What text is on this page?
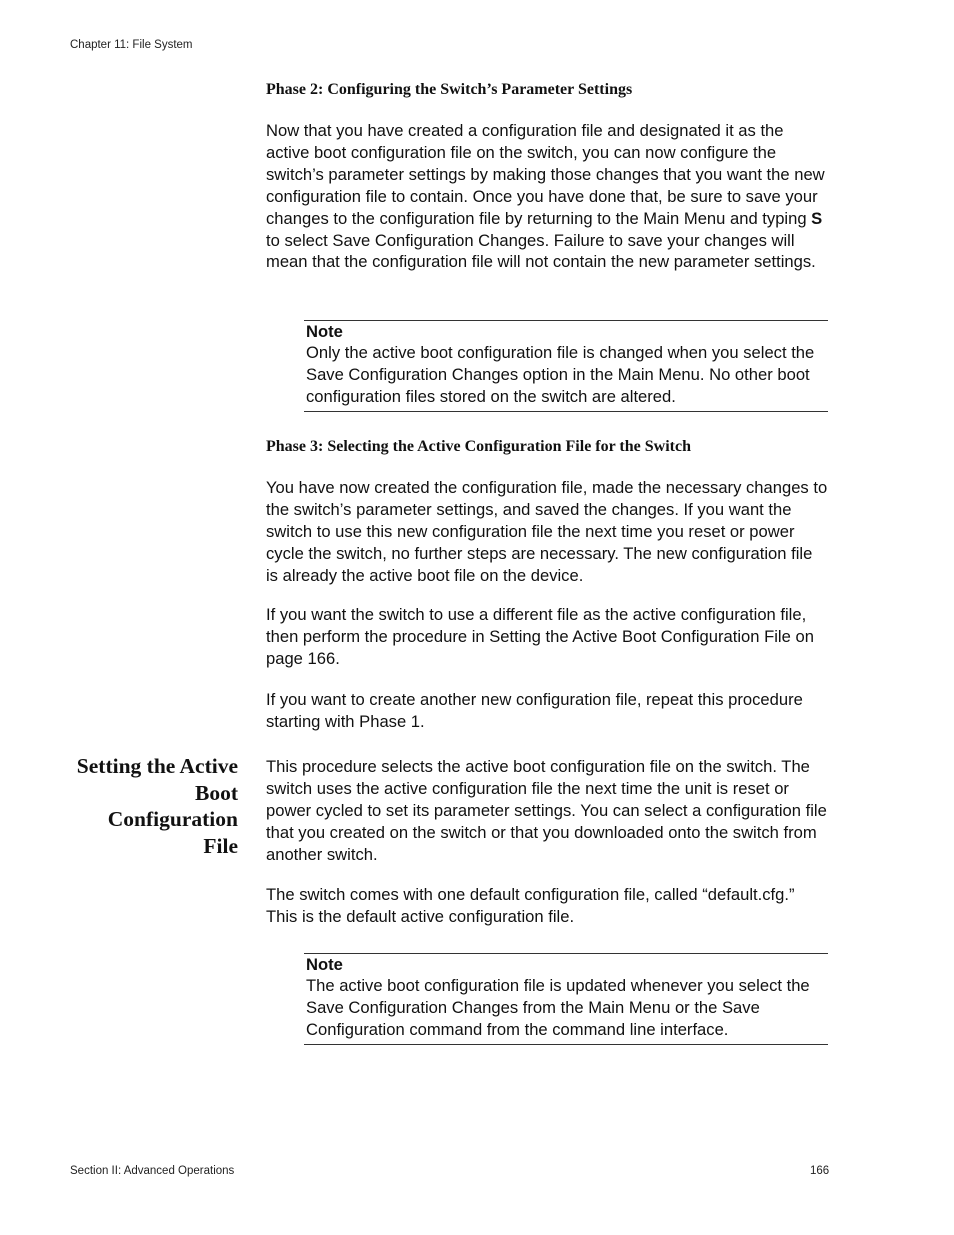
Chapter 11: File System
Phase 2: Configuring the Switch’s Parameter Settings

Now that you have created a configuration file and designated it as the active boot configuration file on the switch, you can now configure the switch’s parameter settings by making those changes that you want the new configuration file to contain. Once you have done that, be sure to save your changes to the configuration file by returning to the Main Menu and typing S to select Save Configuration Changes. Failure to save your changes will mean that the configuration file will not contain the new parameter settings.

Note
Only the active boot configuration file is changed when you select the Save Configuration Changes option in the Main Menu. No other boot configuration files stored on the switch are altered.
Phase 3: Selecting the Active Configuration File for the Switch

You have now created the configuration file, made the necessary changes to the switch’s parameter settings, and saved the changes. If you want the switch to use this new configuration file the next time you reset or power cycle the switch, no further steps are necessary. The new configuration file is already the active boot file on the device.

If you want the switch to use a different file as the active configuration file, then perform the procedure in Setting the Active Boot Configuration File on page 166.

If you want to create another new configuration file, repeat this procedure starting with Phase 1.

Setting the Active
Boot
Configuration
File

This procedure selects the active boot configuration file on the switch. The switch uses the active configuration file the next time the unit is reset or power cycled to set its parameter settings. You can select a configuration file that you created on the switch or that you downloaded onto the switch from another switch.

The switch comes with one default configuration file, called “default.cfg.” This is the default active configuration file.

Note
The active boot configuration file is updated whenever you select the Save Configuration Changes from the Main Menu or the Save Configuration command from the command line interface.
Section II: Advanced Operations	166
